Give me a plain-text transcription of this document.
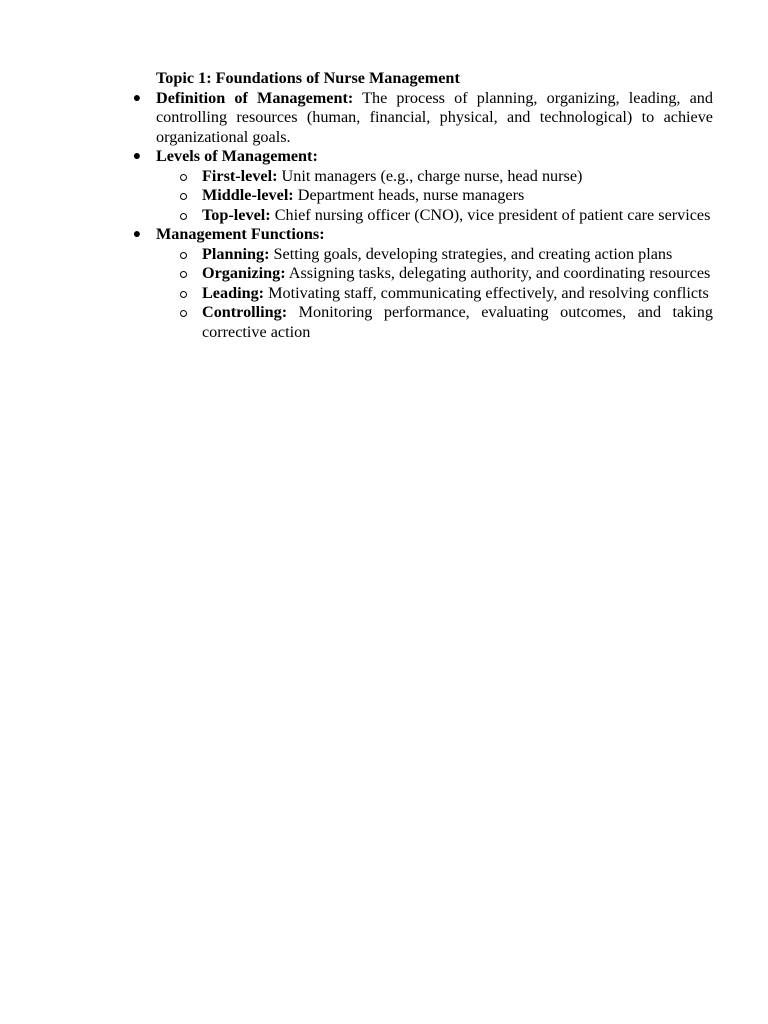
Topic 1: Foundations of Nurse Management
● Definition of Management: The process of planning, organizing, leading, and controlling resources (human, financial, physical, and technological) to achieve organizational goals.
● Levels of Management:
First-level: Unit managers (e.g., charge nurse, head nurse)
Middle-level: Department heads, nurse managers
Top-level: Chief nursing officer (CNO), vice president of patient care services
● Management Functions:
Planning: Setting goals, developing strategies, and creating action plans
Organizing: Assigning tasks, delegating authority, and coordinating resources
Leading: Motivating staff, communicating effectively, and resolving conflicts
Controlling: Monitoring performance, evaluating outcomes, and taking corrective action
